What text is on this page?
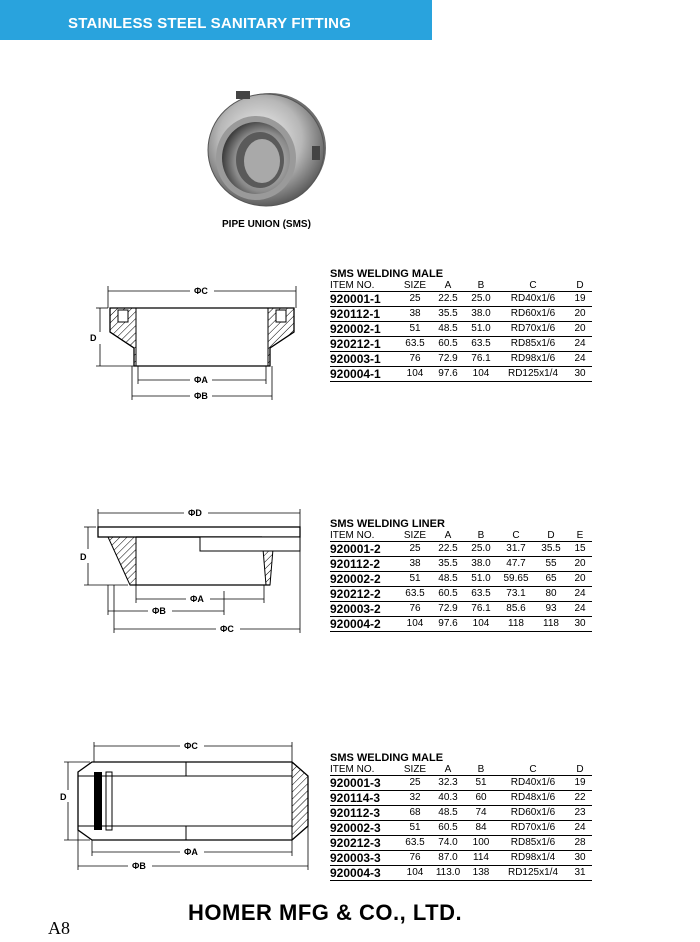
STAINLESS STEEL SANITARY FITTING
PIPE UNION (SMS)
ΦC
D
ΦA
ΦB
SMS WELDING MALE
ITEM NO.	SIZE	A	B	C	D
920001-1	25	22.5	25.0	RD40x1/6	19
920112-1	38	35.5	38.0	RD60x1/6	20
920002-1	51	48.5	51.0	RD70x1/6	20
920212-1	63.5	60.5	63.5	RD85x1/6	24
920003-1	76	72.9	76.1	RD98x1/6	24
920004-1	104	97.6	104	RD125x1/4	30
ΦD
D
ΦA
ΦB
ΦC
SMS WELDING LINER
ITEM NO.	SIZE	A	B	C	D	E
920001-2	25	22.5	25.0	31.7	35.5	15
920112-2	38	35.5	38.0	47.7	55	20
920002-2	51	48.5	51.0	59.65	65	20
920212-2	63.5	60.5	63.5	73.1	80	24
920003-2	76	72.9	76.1	85.6	93	24
920004-2	104	97.6	104	118	118	30
ΦC
D
ΦA
ΦB
SMS WELDING MALE
ITEM NO.	SIZE	A	B	C	D
920001-3	25	32.3	51	RD40x1/6	19
920114-3	32	40.3	60	RD48x1/6	22
920112-3	68	48.5	74	RD60x1/6	23
920002-3	51	60.5	84	RD70x1/6	24
920212-3	63.5	74.0	100	RD85x1/6	28
920003-3	76	87.0	114	RD98x1/4	30
920004-3	104	113.0	138	RD125x1/4	31
HOMER MFG & CO., LTD.
A8
